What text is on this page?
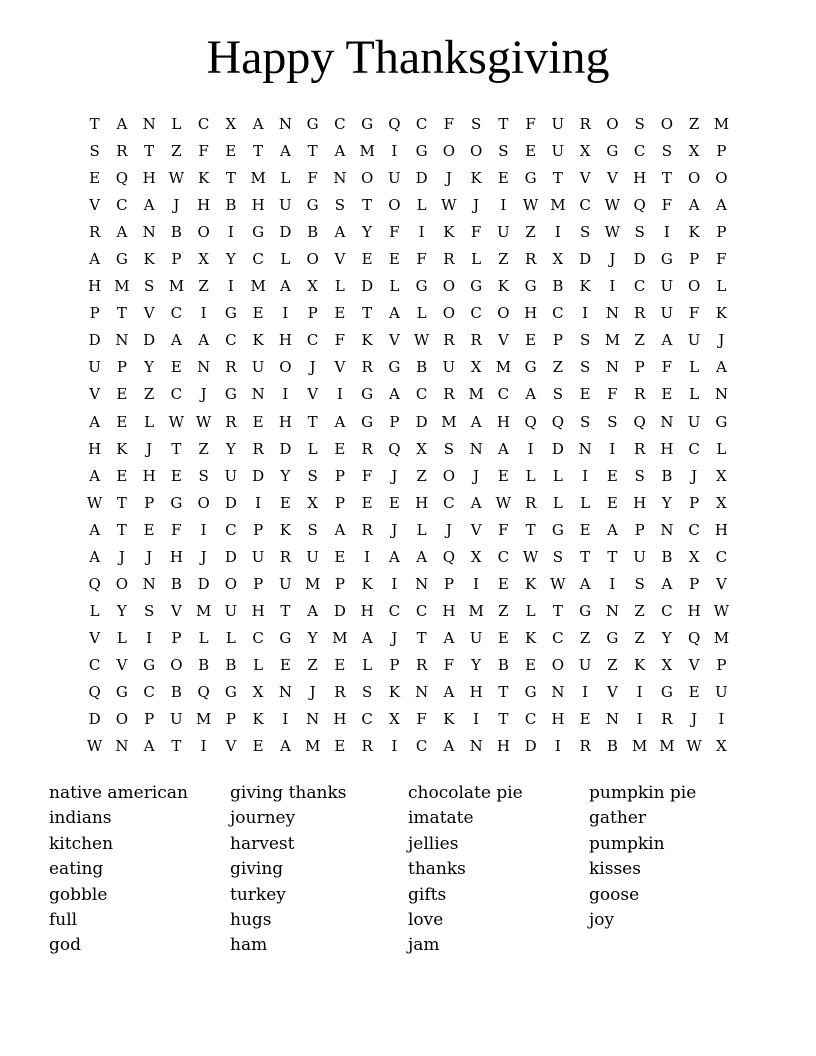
Happy Thanksgiving
T	A	N	L	C	X	A	N G	C	G	Q	C	F	S	T	F	U	R	O	S	O	Z M
S	R	T	Z	F	E	T	A	T	A M	I	G	O O	S	E	U	X	G	C	S	X	P
E	Q H W K	T M L	F	N O U D	J	K	E	G	T	V	V	H	T	O O
V	C	A	J	H	B	H U G	S	T	O	L W	J	I	W M C W Q	F	A	A
R	A	N	B	O	I	G	D	B	A	Y	F	I	K	F	U	Z	I	S W S	I	K	P
A	G	K	P	X	Y	C	L	O	V	E	E	F	R	L	Z	R	X	D	J	D	G	P	F
H M S M Z	I	M A	X	L	D	L	G	O	G	K	G	B	K	I	C	U O	L
P	T	V	C	I	G	E	I	P	E	T	A	L	O	C	O H C	I	N	R	U	F	K
D N D	A	A	C	K	H C	F	K	V W R	R	V	E	P	S M Z	A	U	J
U	P	Y	E	N	R	U O	J	V	R	G	B	U	X M G	Z	S	N	P	F	L	A
V	E	Z	C	J	G N	I	V	I	G	A	C	R M C	A	S	E	F	R	E	L	N
A	E	L W W R	E	H	T	A	G	P	D M A	H Q Q	S	S	Q N U G
H	K	J	T	Z	Y	R	D	L	E	R	Q	X	S	N	A	I	D N	I	R	H C	L
A	E	H	E	S	U D	Y	S	P	F	J	Z	O	J	E	L	L	I	E	S	B	J	X
W T	P	G	O	D	I	E	X	P	E	E	H C	A W R	L	L	E	H	Y	P	X
A	T	E	F	I	C	P	K	S	A	R	J	L	J	V	F	T	G	E	A	P	N C H
A	J	J	H	J	D U	R	U	E	I	A	A	Q	X	C W S	T	T	U	B	X	C
Q O N	B	D	O	P	U M P	K	I	N	P	I	E	K W A	I	S	A	P	V
L	Y	S	V M U H	T	A	D H C	C H M Z	L	T	G N	Z	C H W
V	L	I	P	L	L	C	G	Y M A	J	T	A	U	E	K	C	Z	G	Z	Y	Q M
C	V	G	O	B	B	L	E	Z	E	L	P	R	F	Y	B	E	O U	Z	K	X	V	P
Q	G	C	B	Q	G	X	N	J	R	S	K	N	A	H	T	G N	I	V	I	G	E	U
D	O	P	U M P	K	I	N H C	X	F	K	I	T	C H	E	N	I	R	J	I
W N	A	T	I	V	E	A M E	R	I	C	A	N H D	I	R	B M M W X
native american
indians
kitchen
eating
gobble
full
god
giving thanks
journey
harvest
giving
turkey
hugs
ham
chocolate pie
imatate
jellies
thanks
gifts
love
jam
pumpkin pie
gather
pumpkin
kisses
goose
joy
